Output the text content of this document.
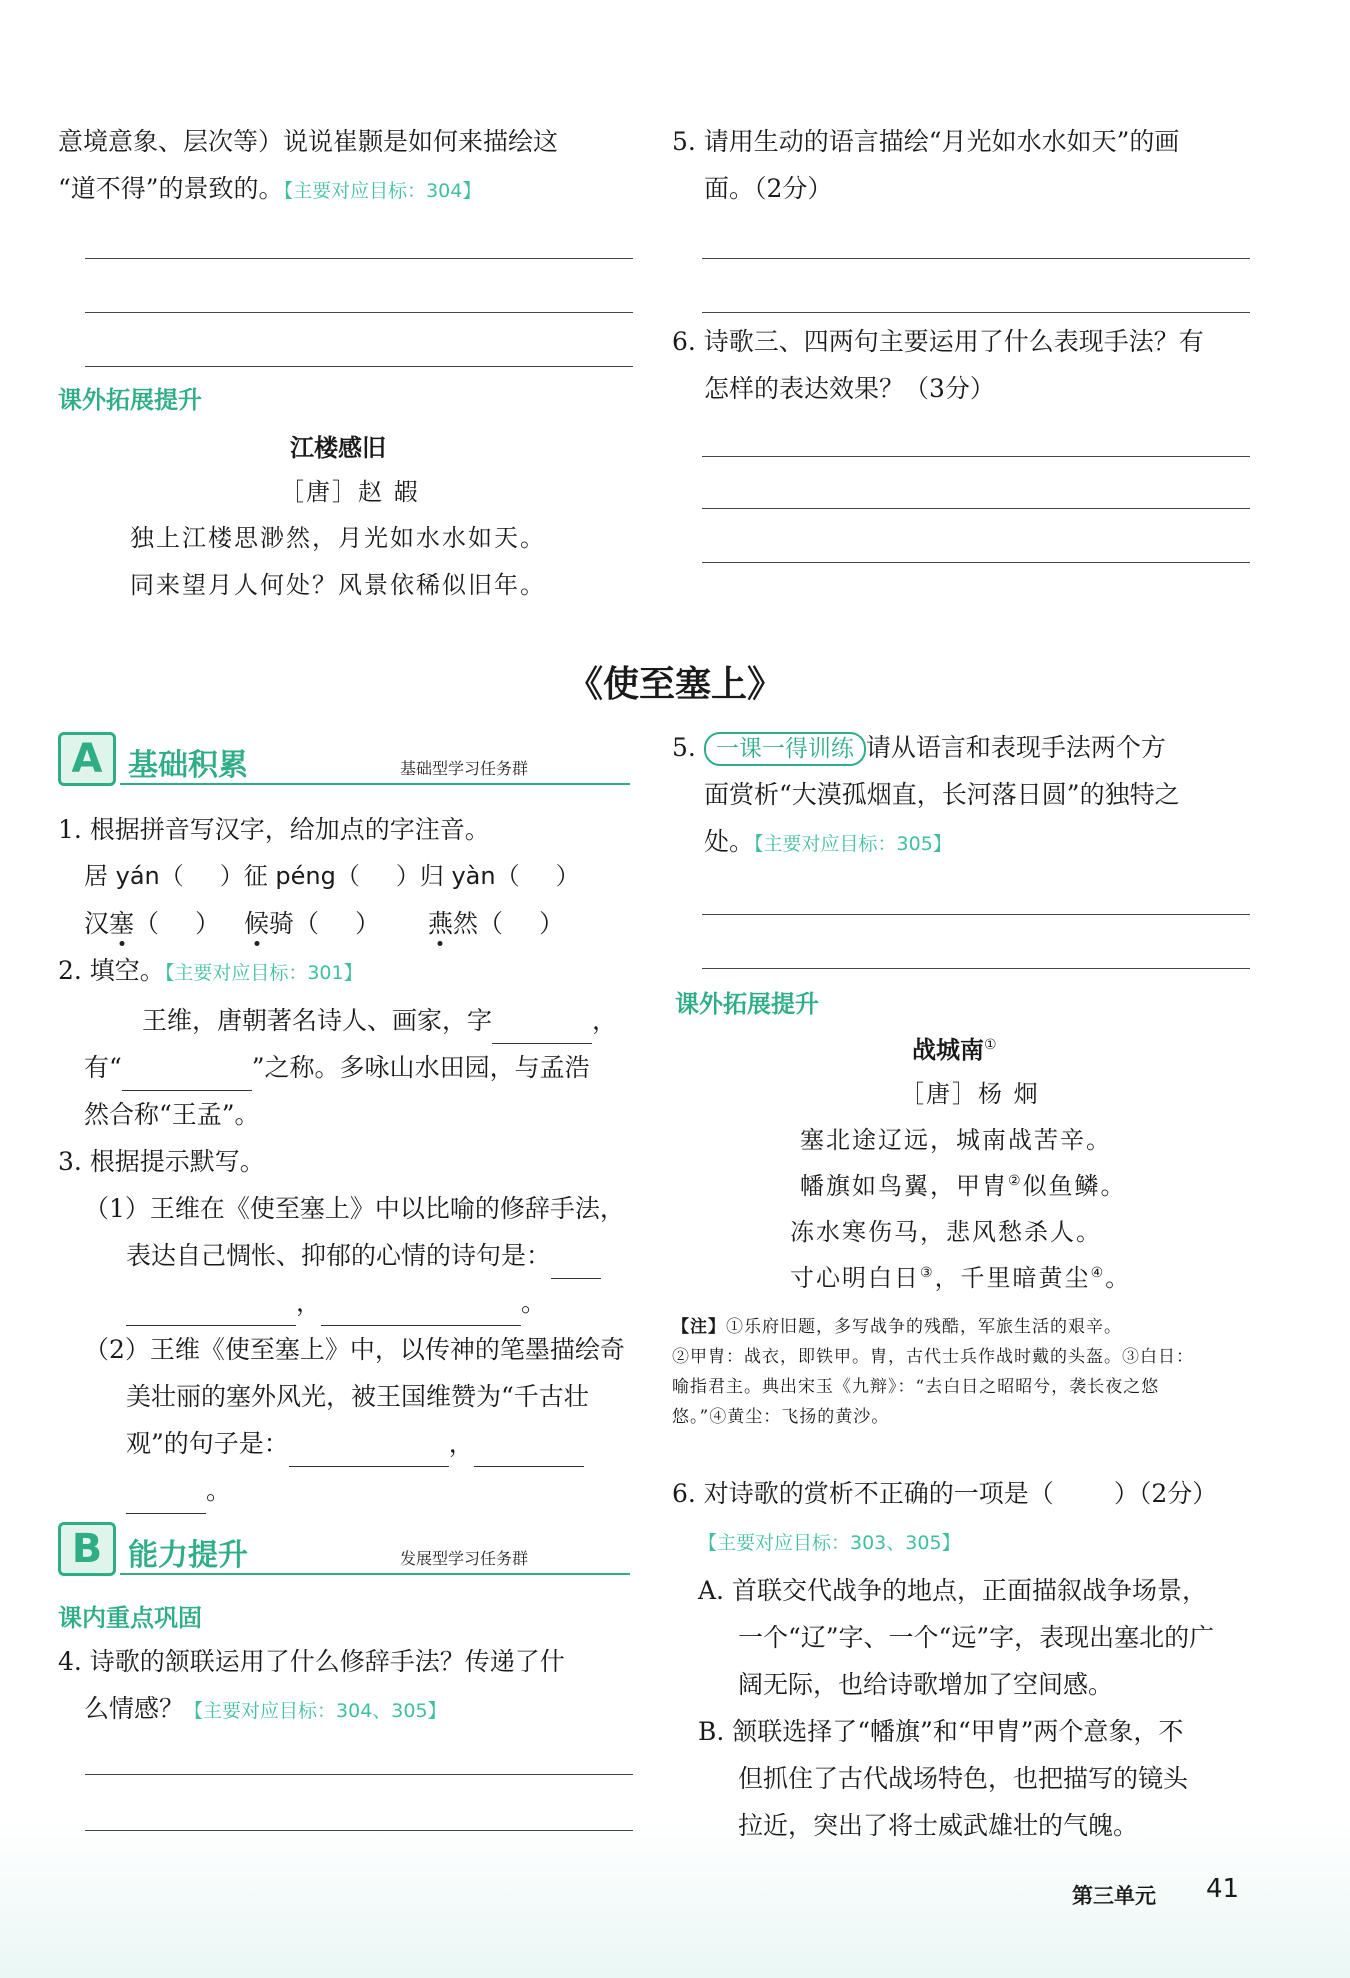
意境意象、层次等）说说崔颢是如何来描绘这

“道不得”的景致的。【主要对应目标：304】

课外拓展提升
江楼感旧
［唐］赵 嘏
独上江楼思渺然，月光如水水如天。
同来望月人何处？风景依稀似旧年。

5. 请用生动的语言描绘“月光如水水如天”的画

面。（2分）

6. 诗歌三、四两句主要运用了什么表现手法？有

怎样的表达效果？（3分）

《使至塞上》
A 基础积累	基础型学习任务群

1. 根据拼音写汉字，给加点的字注音。

居 yán（ ）征 péng（ ）归 yàn（ ）

汉塞（ ） 候骑（ ） 燕然（ ）

2. 填空。【主要对应目标：301】

王维，唐朝著名诗人、画家，字	，

有“	”之称。多咏山水田园，与孟浩

然合称“王孟”。

3. 根据提示默写。

（1）王维在《使至塞上》中以比喻的修辞手法，

表达自己惆怅、抑郁的心情的诗句是：

，	。

（2）王维《使至塞上》中，以传神的笔墨描绘奇

美壮丽的塞外风光，被王国维赞为“千古壮

观”的句子是：	，

。

B 能力提升	发展型学习任务群
课内重点巩固

4. 诗歌的颔联运用了什么修辞手法？传递了什

么情感？【主要对应目标：304、305】

5. 一课一得训练 请从语言和表现手法两个方

面赏析“大漠孤烟直，长河落日圆”的独特之

处。【主要对应目标：305】

课外拓展提升
战城南①
［唐］杨 炯
塞北途辽远，城南战苦辛。
幡旗如鸟翼，甲胄②似鱼鳞。
冻水寒伤马，悲风愁杀人。
寸心明白日③，千里暗黄尘④。

【注】①乐府旧题，多写战争的残酷，军旅生活的艰辛。

②甲胄：战衣，即铁甲。胄，古代士兵作战时戴的头盔。③白日：

喻指君主。典出宋玉《九辩》：“去白日之昭昭兮，袭长夜之悠

悠。”④黄尘：飞扬的黄沙。

6. 对诗歌的赏析不正确的一项是（ ）（2分）

【主要对应目标：303、305】

A. 首联交代战争的地点，正面描叙战争场景，

一个“辽”字、一个“远”字，表现出塞北的广

阔无际，也给诗歌增加了空间感。

B. 颔联选择了“幡旗”和“甲胄”两个意象，不

但抓住了古代战场特色，也把描写的镜头

拉近，突出了将士威武雄壮的气魄。

第三单元 41
